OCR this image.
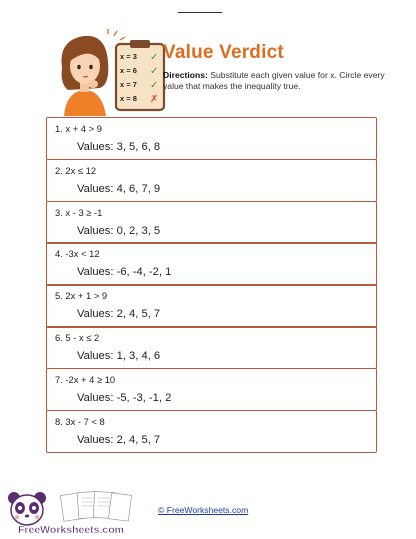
x = 3
x = 6
x = 7
x = 8
✓
✓
✓
✗
Value Verdict
Directions: Substitute each given value for x. Circle every value that makes the inequality true.
1. x + 4 > 9
Values: 3, 5, 6, 8
2. 2x ≤ 12
Values: 4, 6, 7, 9
3. x - 3 ≥ -1
Values: 0, 2, 3, 5
4. -3x < 12
Values: -6, -4, -2, 1
5. 2x + 1 > 9
Values: 2, 4, 5, 7
6. 5 - x ≤ 2
Values: 1, 3, 4, 6
7. -2x + 4 ≥ 10
Values: -5, -3, -1, 2
8. 3x - 7 < 8
Values: 2, 4, 5, 7
FreeWorksheets.com
© FreeWorksheets.com
